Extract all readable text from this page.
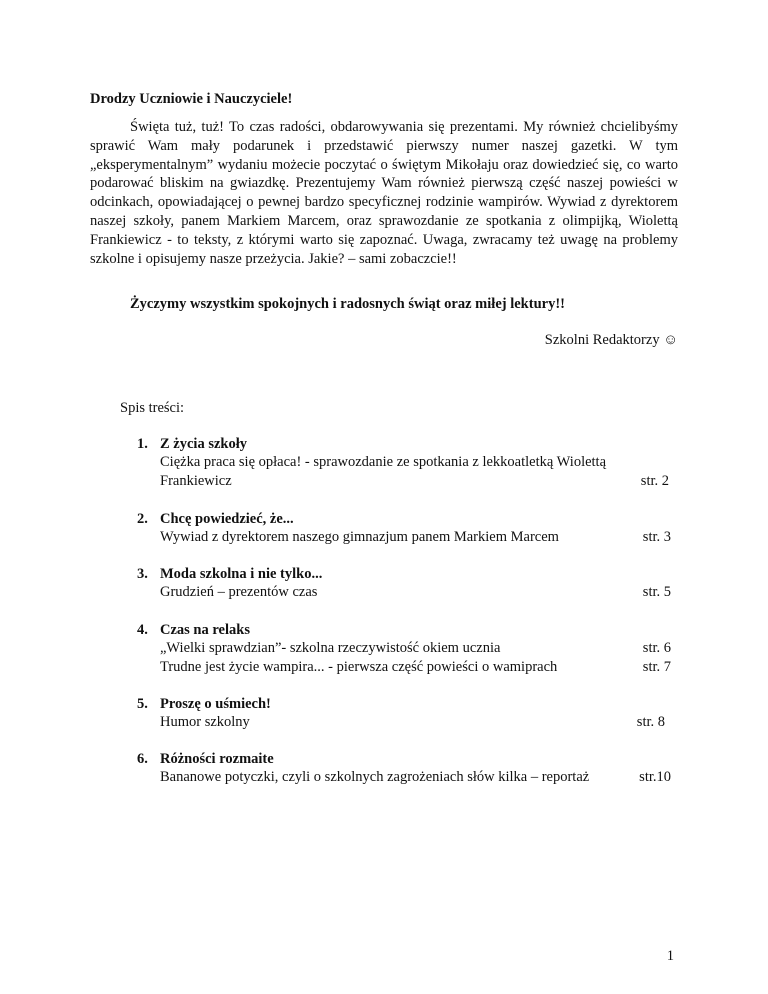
Drodzy Uczniowie i Nauczyciele!

Święta tuż, tuż! To czas radości, obdarowywania się prezentami. My również chcielibyśmy sprawić Wam mały podarunek i przedstawić pierwszy numer naszej gazetki. W tym „eksperymentalnym” wydaniu możecie poczytać o świętym Mikołaju oraz dowiedzieć się, co warto podarować bliskim na gwiazdkę. Prezentujemy Wam również pierwszą część naszej powieści w odcinkach, opowiadającej o pewnej bardzo specyficznej rodzinie wampirów. Wywiad z dyrektorem naszej szkoły, panem Markiem Marcem, oraz sprawozdanie ze spotkania z olimpijką, Wiolettą Frankiewicz - to teksty, z którymi warto się zapoznać. Uwaga, zwracamy też uwagę na problemy szkolne i opisujemy nasze przeżycia. Jakie? – sami zobaczcie!!

Życzymy wszystkim spokojnych i radosnych świąt oraz miłej lektury!!

Szkolni Redaktorzy ☺

Spis treści:

1. Z życia szkoły
Ciężka praca się opłaca! - sprawozdanie ze spotkania z lekkoatletką Wiolettą
Frankiewicz	str. 2
2. Chcę powiedzieć, że...
Wywiad z dyrektorem naszego gimnazjum panem Markiem Marcem	str. 3
3. Moda szkolna i nie tylko...
Grudzień – prezentów czas	str. 5
4. Czas na relaks
„Wielki sprawdzian”- szkolna rzeczywistość okiem ucznia	str. 6
Trudne jest życie wampira... - pierwsza część powieści o wamiprach	str. 7
5. Proszę o uśmiech!
Humor szkolny	str. 8
6. Różności rozmaite
Bananowe potyczki, czyli o szkolnych zagrożeniach słów kilka – reportaż	str.10

1
